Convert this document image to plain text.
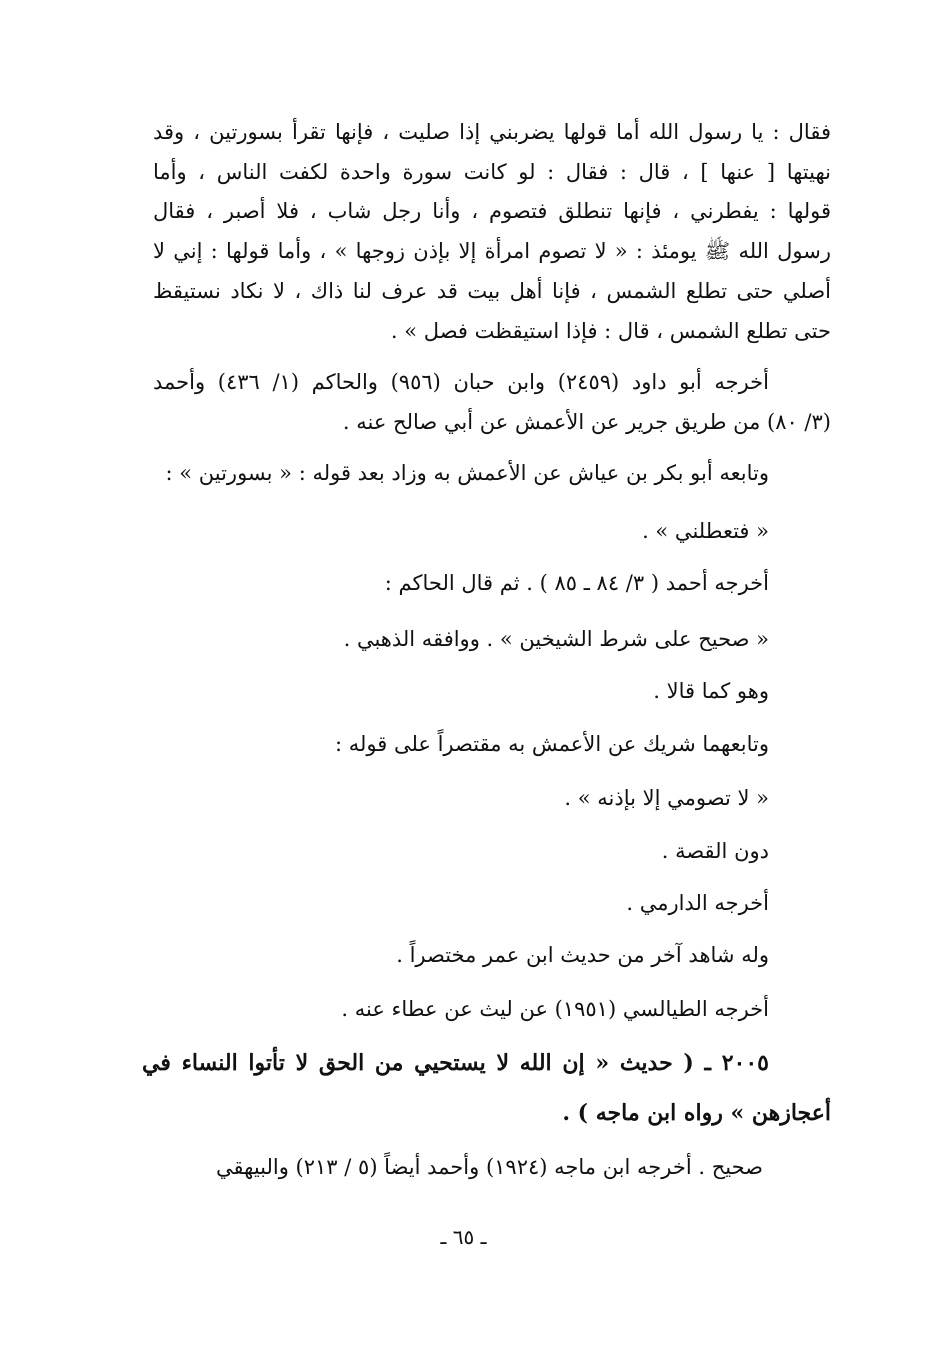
فقال : يا رسول الله أما قولها يضربني إذا صليت ، فإنها تقرأ بسورتين ، وقد
نهيتها [ عنها ] ، قال : فقال : لو كانت سورة واحدة لكفت الناس ، وأما
قولها : يفطرني ، فإنها تنطلق فتصوم ، وأنا رجل شاب ، فلا أصبر ، فقال
رسول الله ﷺ يومئذ : « لا تصوم امرأة إلا بإذن زوجها » ، وأما قولها : إني لا
أصلي حتى تطلع الشمس ، فإنا أهل بيت قد عرف لنا ذاك ، لا نكاد نستيقظ
حتى تطلع الشمس ، قال : فإذا استيقظت فصل » .
أخرجه أبو داود (٢٤٥٩) وابن حبان (٩٥٦) والحاكم (١/ ٤٣٦) وأحمد
(٣/ ٨٠) من طريق جرير عن الأعمش عن أبي صالح عنه .
وتابعه أبو بكر بن عياش عن الأعمش به وزاد بعد قوله : « بسورتين » :
« فتعطلني » .
أخرجه أحمد ( ٣/ ٨٤ ـ ٨٥ ) . ثم قال الحاكم :
« صحيح على شرط الشيخين » . ووافقه الذهبي .
وهو كما قالا .
وتابعهما شريك عن الأعمش به مقتصراً على قوله :
« لا تصومي إلا بإذنه » .
دون القصة .
أخرجه الدارمي .
وله شاهد آخر من حديث ابن عمر مختصراً .
أخرجه الطيالسي (١٩٥١) عن ليث عن عطاء عنه .
٢٠٠٥ ـ ( حديث « إن الله لا يستحيي من الحق لا تأتوا النساء في
أعجازهن » رواه ابن ماجه ) .
صحيح . أخرجه ابن ماجه (١٩٢٤) وأحمد أيضاً (٥ / ٢١٣) والبيهقي
ـ ٦٥ ـ
